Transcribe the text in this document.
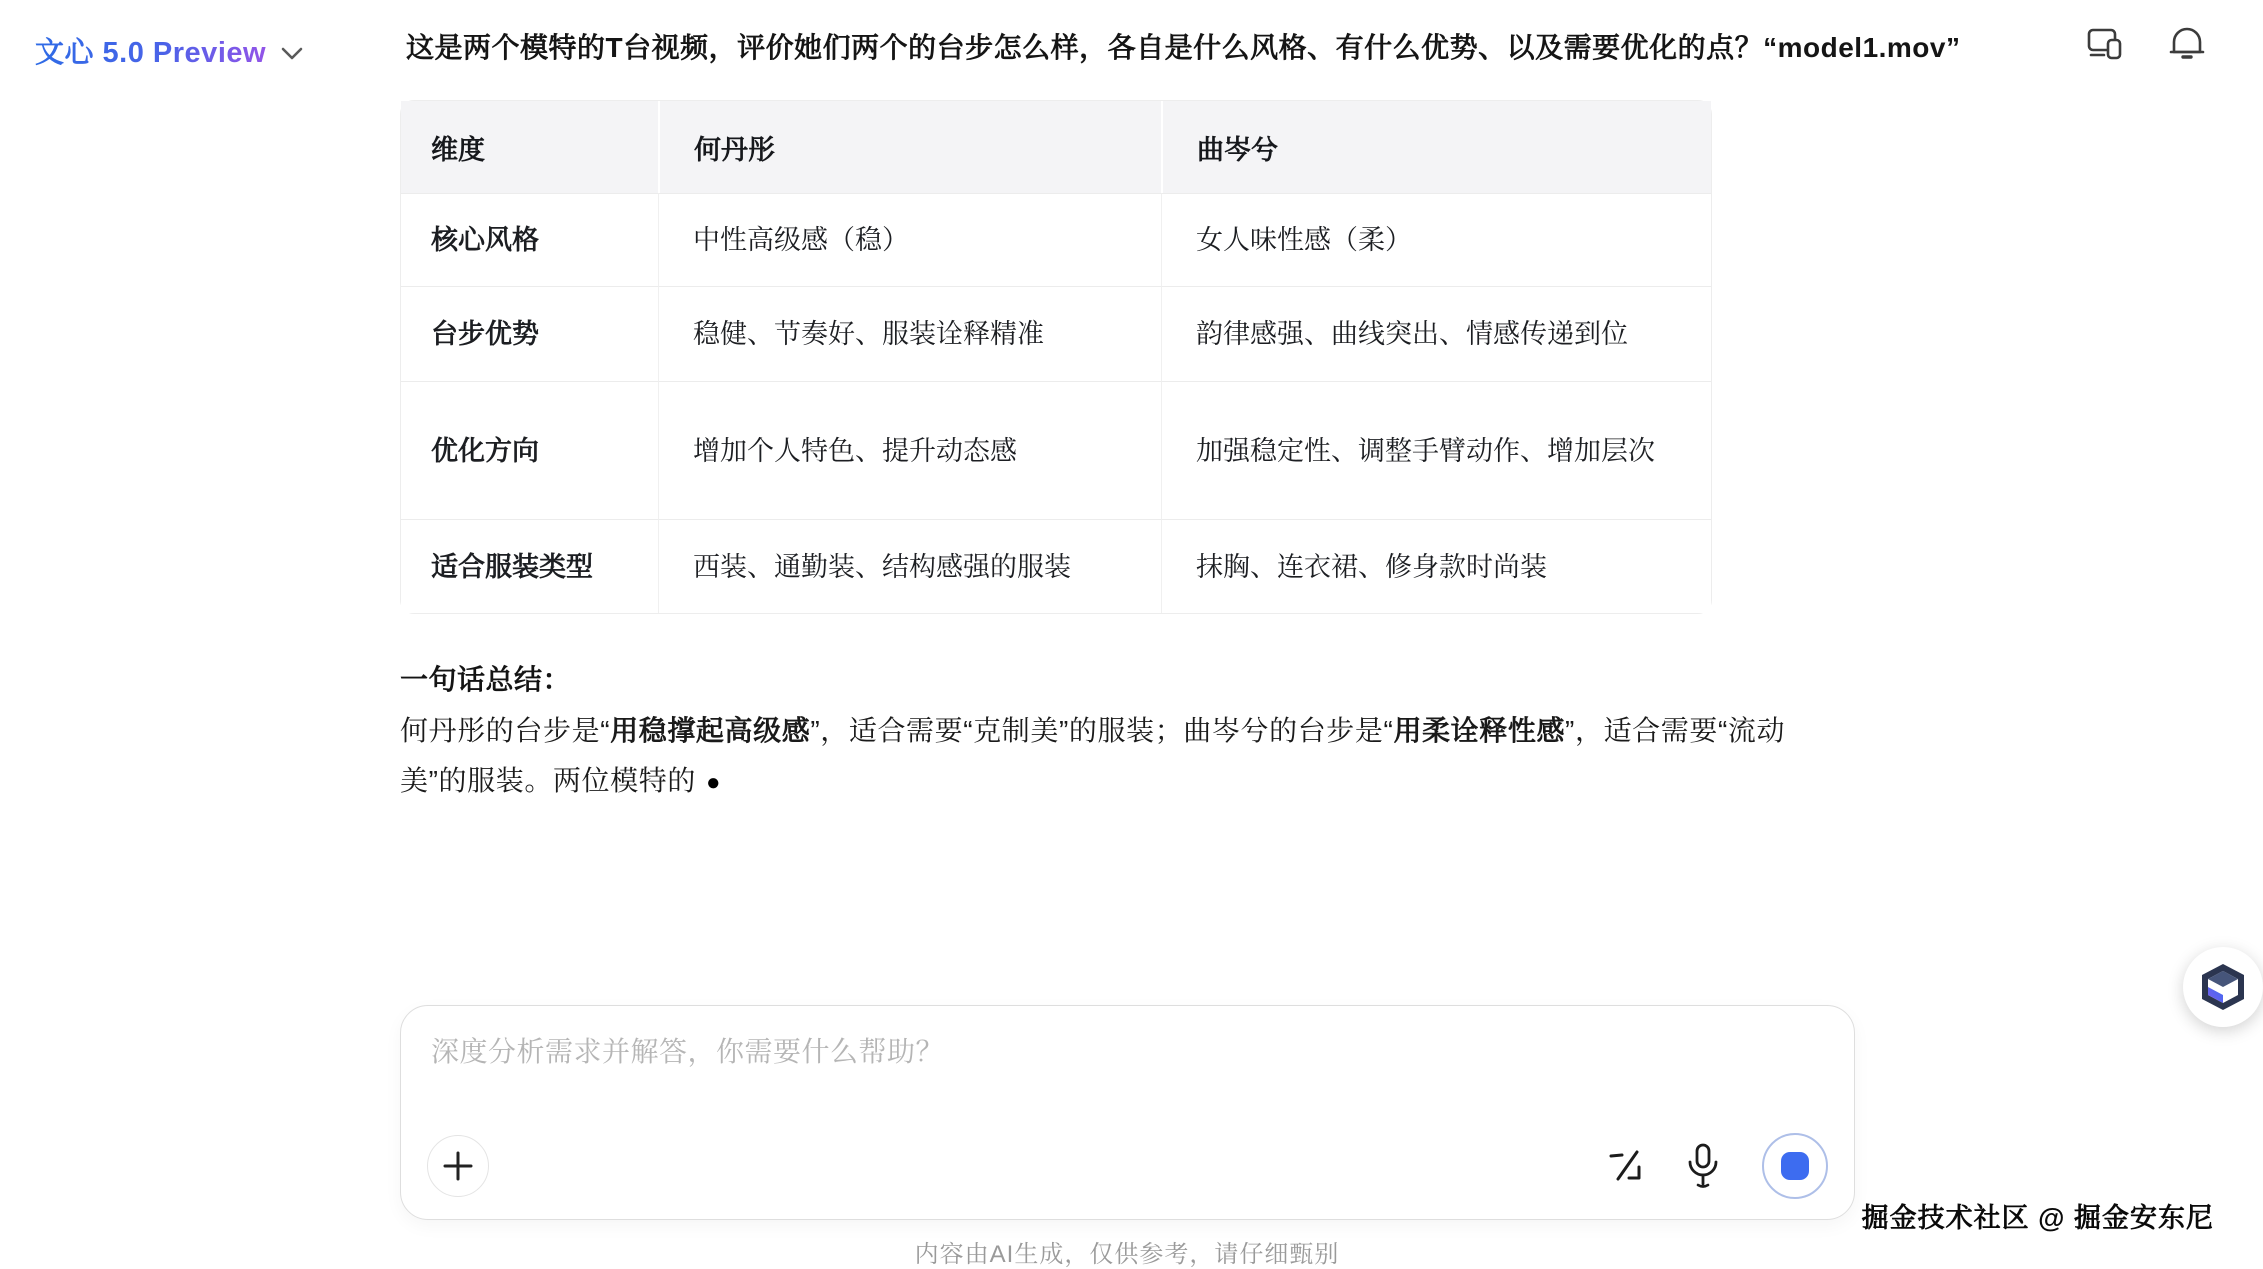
文心 5.0 Preview	这是两个模特的T台视频，评价她们两个的台步怎么样，各自是什么风格、有什么优势、以及需要优化的点？“model1.mov”
维度	何丹彤	曲岑兮
核心风格	中性高级感（稳）	女人味性感（柔）
台步优势	稳健、节奏好、服装诠释精准	韵律感强、曲线突出、情感传递到位
优化方向	增加个人特色、提升动态感	加强稳定性、调整手臂动作、增加层次
适合服装类型	西装、通勤装、结构感强的服装	抹胸、连衣裙、修身款时尚装
一句话总结：

何丹彤的台步是“用稳撑起高级感”，适合需要“克制美”的服装；曲岑兮的台步是“用柔诠释性感”，适合需要“流动美”的服装。两位模特的 ●

深度分析需求并解答，你需要什么帮助？
掘金技术社区 @ 掘金安东尼
内容由AI生成，仅供参考，请仔细甄别
